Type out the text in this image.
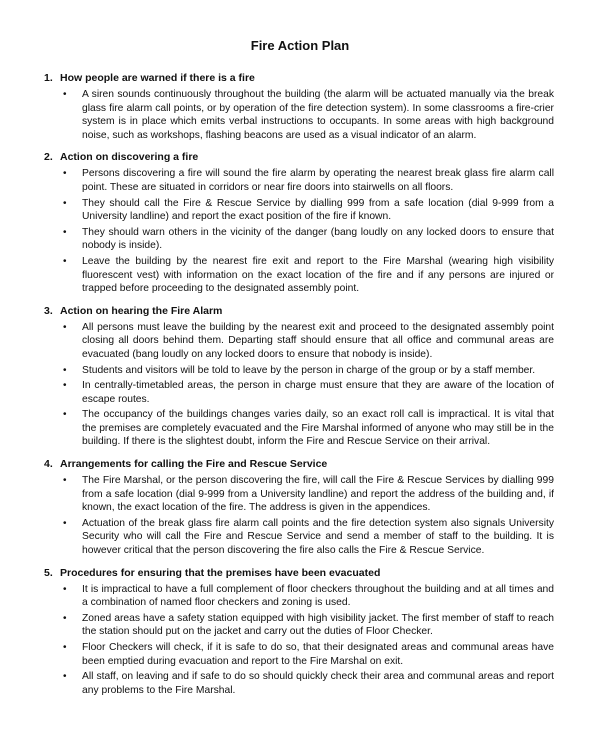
Fire Action Plan
1. How people are warned if there is a fire
• A siren sounds continuously throughout the building (the alarm will be actuated manually via the break glass fire alarm call points, or by operation of the fire detection system). In some classrooms a fire-crier system is in place which emits verbal instructions to occupants. In some areas with high background noise, such as workshops, flashing beacons are used as a visual indicator of an alarm.
2. Action on discovering a fire
• Persons discovering a fire will sound the fire alarm by operating the nearest break glass fire alarm call point. These are situated in corridors or near fire doors into stairwells on all floors.
• They should call the Fire & Rescue Service by dialling 999 from a safe location (dial 9-999 from a University landline) and report the exact position of the fire if known.
• They should warn others in the vicinity of the danger (bang loudly on any locked doors to ensure that nobody is inside).
• Leave the building by the nearest fire exit and report to the Fire Marshal (wearing high visibility fluorescent vest) with information on the exact location of the fire and if any persons are injured or trapped before proceeding to the designated assembly point.
3. Action on hearing the Fire Alarm
• All persons must leave the building by the nearest exit and proceed to the designated assembly point closing all doors behind them. Departing staff should ensure that all office and communal areas are evacuated (bang loudly on any locked doors to ensure that nobody is inside).
• Students and visitors will be told to leave by the person in charge of the group or by a staff member.
• In centrally-timetabled areas, the person in charge must ensure that they are aware of the location of escape routes.
• The occupancy of the buildings changes varies daily, so an exact roll call is impractical. It is vital that the premises are completely evacuated and the Fire Marshal informed of anyone who may still be in the building. If there is the slightest doubt, inform the Fire and Rescue Service on their arrival.
4. Arrangements for calling the Fire and Rescue Service
• The Fire Marshal, or the person discovering the fire, will call the Fire & Rescue Services by dialling 999 from a safe location (dial 9-999 from a University landline) and report the address of the building and, if known, the exact location of the fire. The address is given in the appendices.
• Actuation of the break glass fire alarm call points and the fire detection system also signals University Security who will call the Fire and Rescue Service and send a member of staff to the building. It is however critical that the person discovering the fire also calls the Fire & Rescue Service.
5. Procedures for ensuring that the premises have been evacuated
• It is impractical to have a full complement of floor checkers throughout the building and at all times and a combination of named floor checkers and zoning is used.
• Zoned areas have a safety station equipped with high visibility jacket. The first member of staff to reach the station should put on the jacket and carry out the duties of Floor Checker.
• Floor Checkers will check, if it is safe to do so, that their designated areas and communal areas have been emptied during evacuation and report to the Fire Marshal on exit.
• All staff, on leaving and if safe to do so should quickly check their area and communal areas and report any problems to the Fire Marshal.
